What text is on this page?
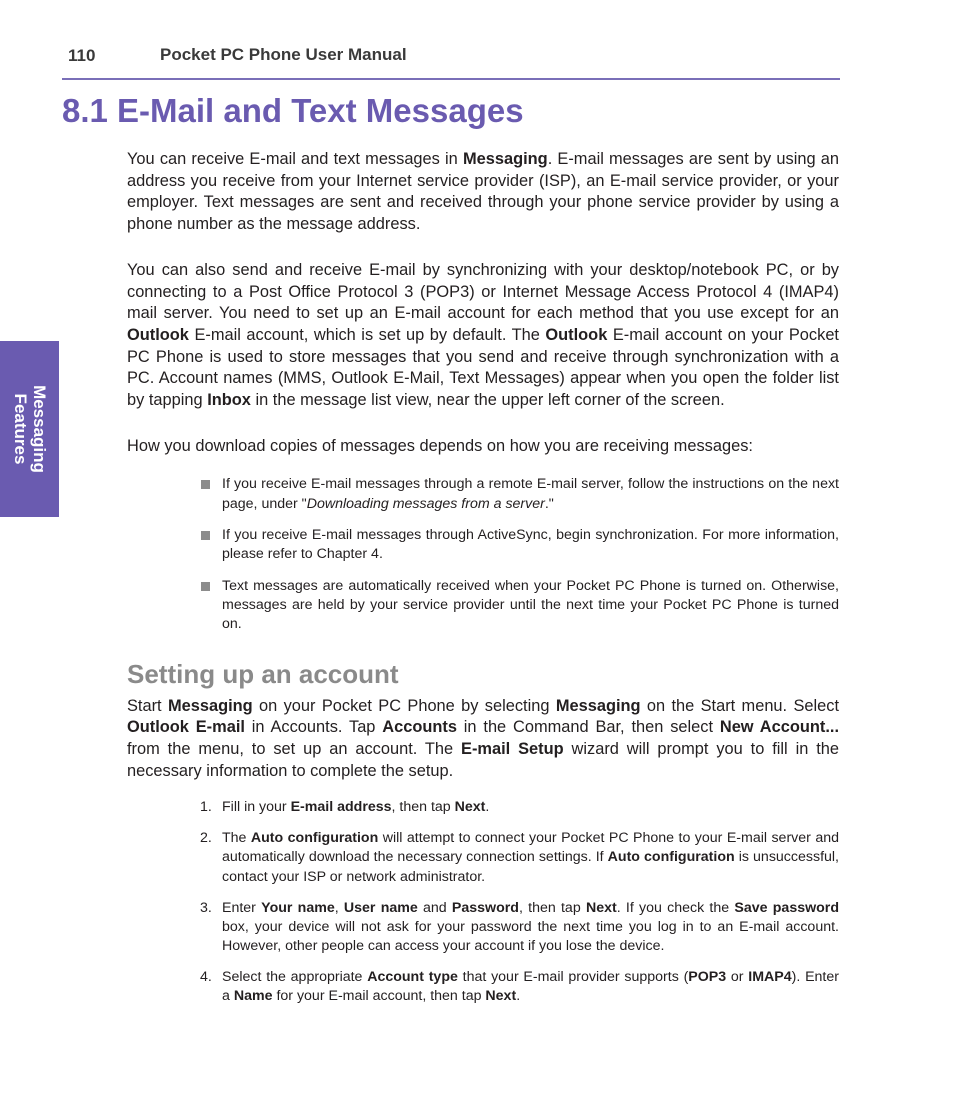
110	Pocket PC Phone User Manual
Messaging
Features
8.1 E-Mail and Text Messages

You can receive E-mail and text messages in Messaging. E-mail messages are sent by using an address you receive from your Internet service provider (ISP), an E-mail service provider, or your employer. Text messages are sent and received through your phone service provider by using a phone number as the message address.

You can also send and receive E-mail by synchronizing with your desktop/notebook PC, or by connecting to a Post Office Protocol 3 (POP3) or Internet Message Access Protocol 4 (IMAP4) mail server. You need to set up an E-mail account for each method that you use except for an Outlook E-mail account, which is set up by default. The Outlook E-mail account on your Pocket PC Phone is used to store messages that you send and receive through synchronization with a PC. Account names (MMS, Outlook E-Mail, Text Messages) appear when you open the folder list by tapping Inbox in the message list view, near the upper left corner of the screen.

How you download copies of messages depends on how you are receiving messages:

If you receive E-mail messages through a remote E-mail server, follow the instructions on the next page, under "Downloading messages from a server."
If you receive E-mail messages through ActiveSync, begin synchronization. For more information, please refer to Chapter 4.
Text messages are automatically received when your Pocket PC Phone is turned on. Otherwise, messages are held by your service provider until the next time your Pocket PC Phone is turned on.
Setting up an account

Start Messaging on your Pocket PC Phone by selecting Messaging on the Start menu. Select Outlook E-mail in Accounts. Tap Accounts in the Command Bar, then select New Account... from the menu, to set up an account. The E-mail Setup wizard will prompt you to fill in the necessary information to complete the setup.

1. Fill in your E-mail address, then tap Next.
2. The Auto configuration will attempt to connect your Pocket PC Phone to your E-mail server and automatically download the necessary connection settings. If Auto configuration is unsuccessful, contact your ISP or network administrator.
3. Enter Your name, User name and Password, then tap Next. If you check the Save password box, your device will not ask for your password the next time you log in to an E-mail account. However, other people can access your account if you lose the device.
4. Select the appropriate Account type that your E-mail provider supports (POP3 or IMAP4). Enter a Name for your E-mail account, then tap Next.
